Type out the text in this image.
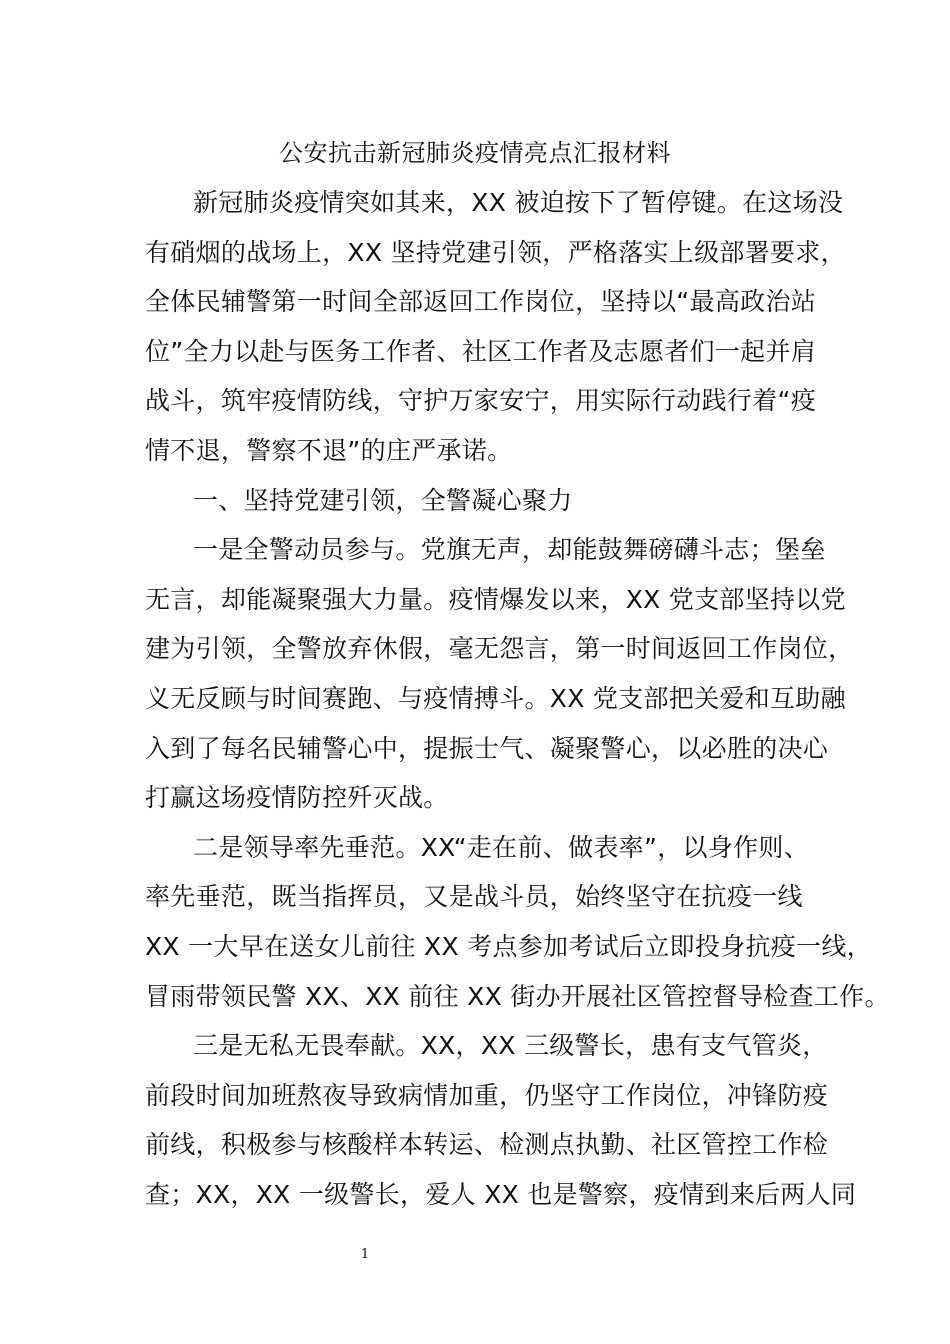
公安抗击新冠肺炎疫情亮点汇报材料
新冠肺炎疫情突如其来，XX 被迫按下了暂停键。在这场没
有硝烟的战场上，XX 坚持党建引领，严格落实上级部署要求，
全体民辅警第一时间全部返回工作岗位，坚持以“最高政治站
位”全力以赴与医务工作者、社区工作者及志愿者们一起并肩
战斗，筑牢疫情防线，守护万家安宁，用实际行动践行着“疫
情不退，警察不退”的庄严承诺。
一、坚持党建引领，全警凝心聚力
一是全警动员参与。党旗无声，却能鼓舞磅礴斗志；堡垒
无言，却能凝聚强大力量。疫情爆发以来，XX 党支部坚持以党
建为引领，全警放弃休假，毫无怨言，第一时间返回工作岗位，
义无反顾与时间赛跑、与疫情搏斗。XX 党支部把关爱和互助融
入到了每名民辅警心中，提振士气、凝聚警心，以必胜的决心
打赢这场疫情防控歼灭战。
二是领导率先垂范。XX“走在前、做表率”，以身作则、
率先垂范，既当指挥员，又是战斗员，始终坚守在抗疫一线
XX 一大早在送女儿前往 XX 考点参加考试后立即投身抗疫一线，
冒雨带领民警 XX、XX 前往 XX 街办开展社区管控督导检查工作。
三是无私无畏奉献。XX，XX 三级警长，患有支气管炎，
前段时间加班熬夜导致病情加重，仍坚守工作岗位，冲锋防疫
前线，积极参与核酸样本转运、检测点执勤、社区管控工作检
查；XX，XX 一级警长，爱人 XX 也是警察，疫情到来后两人同
1
